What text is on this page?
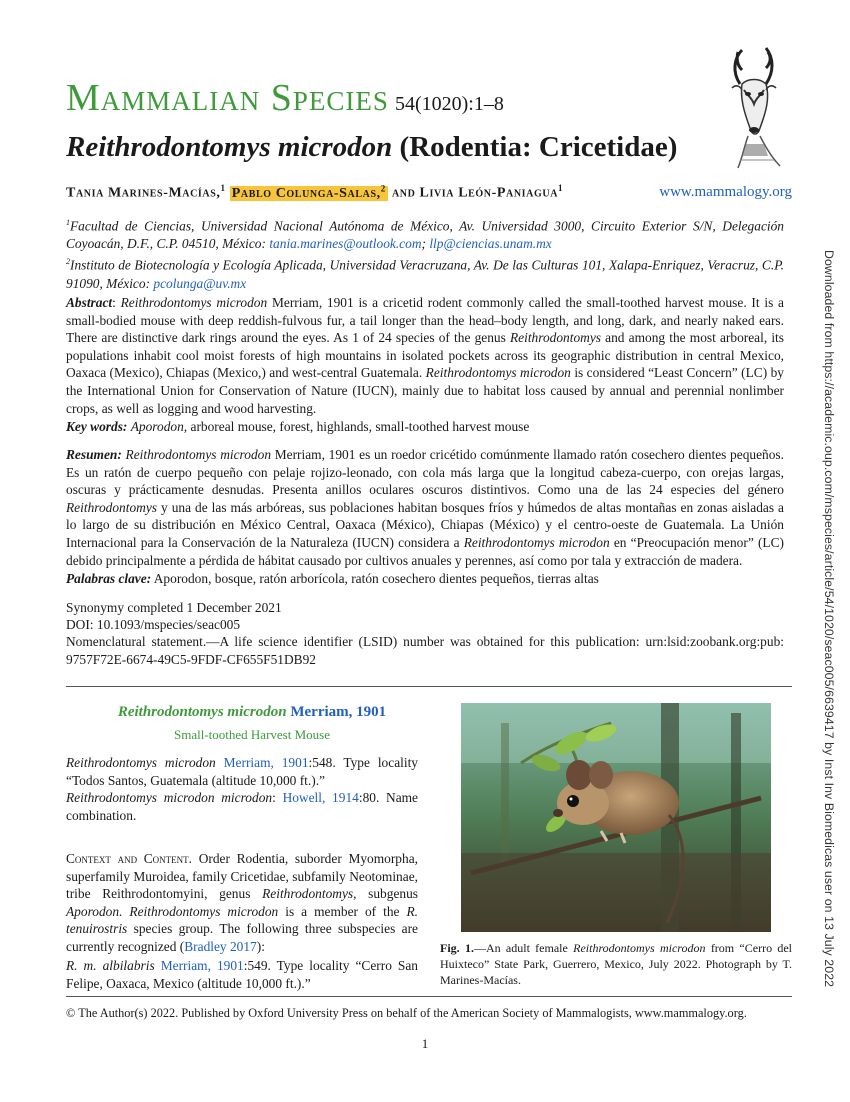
Mammalian Species 54(1020):1–8
Reithrodontomys microdon (Rodentia: Cricetidae)
Tania Marines-Macías,$^1$ Pablo Colunga-Salas,$^2$ and Livia León-Paniagua$^1$	www.mammalogy.org
$^1$Facultad de Ciencias, Universidad Nacional Autónoma de México, Av. Universidad 3000, Circuito Exterior S/N, Delegación Coyoacán, D.F., C.P. 04510, México: tania.marines@outlook.com; llp@ciencias.unam.mx
$^2$Instituto de Biotecnología y Ecología Aplicada, Universidad Veracruzana, Av. De las Culturas 101, Xalapa-Enriquez, Veracruz, C.P. 91090, México: pcolunga@uv.mx
Abstract: Reithrodontomys microdon Merriam, 1901 is a cricetid rodent commonly called the small-toothed harvest mouse. It is a small-bodied mouse with deep reddish-fulvous fur, a tail longer than the head–body length, and long, dark, and nearly naked ears. There are distinctive dark rings around the eyes. As 1 of 24 species of the genus Reithrodontomys and among the most arboreal, its populations inhabit cool moist forests of high mountains in isolated pockets across its geographic distribution in central Mexico, Oaxaca (Mexico), Chiapas (Mexico,) and west-central Guatemala. Reithrodontomys microdon is considered “Least Concern” (LC) by the International Union for Conservation of Nature (IUCN), mainly due to habitat loss caused by annual and perennial nonlimber crops, as well as logging and wood harvesting.
Key words: Aporodon, arboreal mouse, forest, highlands, small-toothed harvest mouse
Resumen: Reithrodontomys microdon Merriam, 1901 es un roedor cricétido comúnmente llamado ratón cosechero dientes pequeños. Es un ratón de cuerpo pequeño con pelaje rojizo-leonado, con cola más larga que la longitud cabeza-cuerpo, con orejas largas, oscuras y prácticamente desnudas. Presenta anillos oculares oscuros distintivos. Como una de las 24 especies del género Reithrodontomys y una de las más arbóreas, sus poblaciones habitan bosques fríos y húmedos de altas montañas en zonas aisladas a lo largo de su distribución en México Central, Oaxaca (México), Chiapas (México) y el centro-oeste de Guatemala. La Unión Internacional para la Conservación de la Naturaleza (IUCN) considera a Reithrodontomys microdon en “Preocupación menor” (LC) debido principalmente a pérdida de hábitat causado por cultivos anuales y perennes, así como por tala y extracción de madera.
Palabras clave: Aporodon, bosque, ratón arborícola, ratón cosechero dientes pequeños, tierras altas
Synonymy completed 1 December 2021
DOI: 10.1093/mspecies/seac005
Nomenclatural statement.—A life science identifier (LSID) number was obtained for this publication: urn:lsid:zoobank.org:pub: 9757F72E-6674-49C5-9FDF-CF655F51DB92
Reithrodontomys microdon Merriam, 1901
Small-toothed Harvest Mouse
Reithrodontomys microdon Merriam, 1901:548. Type locality “Todos Santos, Guatemala (altitude 10,000 ft.).”
Reithrodontomys microdon microdon: Howell, 1914:80. Name combination.
Context and Content. Order Rodentia, suborder Myomorpha, superfamily Muroidea, family Cricetidae, subfamily Neotominae, tribe Reithrodontomyini, genus Reithrodontomys, subgenus Aporodon. Reithrodontomys microdon is a member of the R. tenuirostris species group. The following three subspecies are currently recognized (Bradley 2017):
R. m. albilabris Merriam, 1901:549. Type locality “Cerro San Felipe, Oaxaca, Mexico (altitude 10,000 ft.).”
Fig. 1.—An adult female Reithrodontomys microdon from “Cerro del Huixteco” State Park, Guerrero, Mexico, July 2022. Photograph by T. Marines-Macías.
© The Author(s) 2022. Published by Oxford University Press on behalf of the American Society of Mammalogists, www.mammalogy.org.
1
Downloaded from https://academic.oup.com/mspecies/article/54/1020/seac005/6639417 by Inst Inv Biomedicas user on 13 July 2022
